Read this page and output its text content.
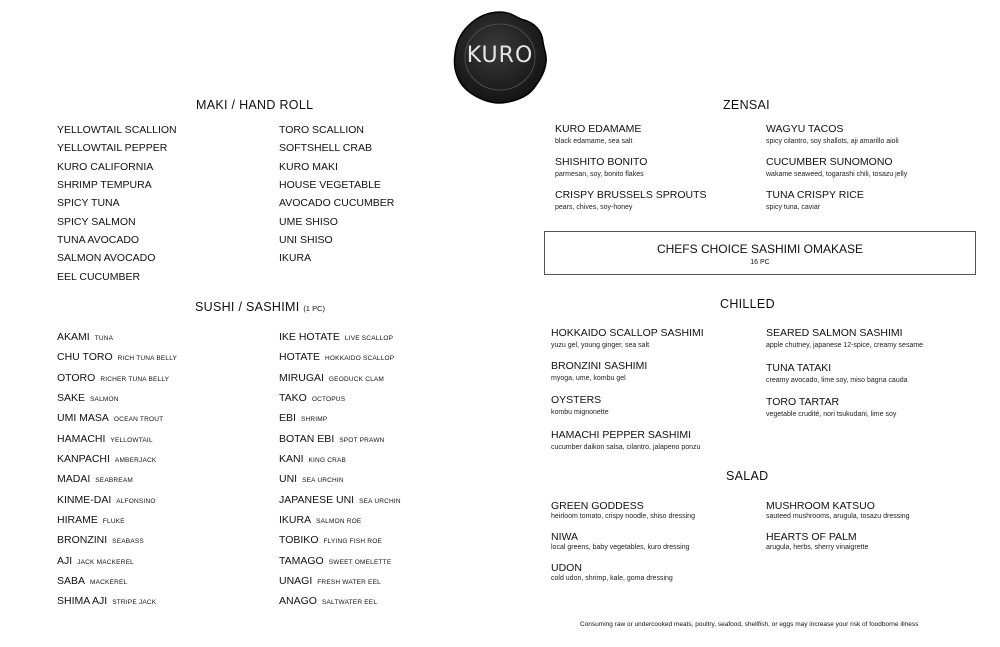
KURO
MAKI / HAND ROLL
YELLOWTAIL SCALLION
YELLOWTAIL PEPPER
KURO CALIFORNIA
SHRIMP TEMPURA
SPICY TUNA
SPICY SALMON
TUNA AVOCADO
SALMON AVOCADO
EEL CUCUMBER
TORO SCALLION
SOFTSHELL CRAB
KURO MAKI
HOUSE VEGETABLE
AVOCADO CUCUMBER
UME SHISO
UNI SHISO
IKURA
SUSHI / SASHIMI (1 PC)
AKAMI TUNA
CHU TORO RICH TUNA BELLY
OTORO RICHER TUNA BELLY
SAKE SALMON
UMI MASA OCEAN TROUT
HAMACHI YELLOWTAIL
KANPACHI AMBERJACK
MADAI SEABREAM
KINME-DAI ALFONSINO
HIRAME FLUKE
BRONZINI SEABASS
AJI JACK MACKEREL
SABA MACKEREL
SHIMA AJI STRIPE JACK
IKE HOTATE LIVE SCALLOP
HOTATE HOKKAIDO SCALLOP
MIRUGAI GEODUCK CLAM
TAKO OCTOPUS
EBI SHRIMP
BOTAN EBI SPOT PRAWN
KANI KING CRAB
UNI SEA URCHIN
JAPANESE UNI SEA URCHIN
IKURA SALMON ROE
TOBIKO FLYING FISH ROE
TAMAGO SWEET OMELETTE
UNAGI FRESH WATER EEL
ANAGO SALTWATER EEL
ZENSAI
KURO EDAMAME
black edamame, sea salt
SHISHITO BONITO
parmesan, soy, bonito flakes
CRISPY BRUSSELS SPROUTS
pears, chives, soy-honey
WAGYU TACOS
spicy cilantro, soy shallots, aji amarillo aioli
CUCUMBER SUNOMONO
wakame seaweed, togarashi chili, tosazu jelly
TUNA CRISPY RICE
spicy tuna, caviar
CHEFS CHOICE SASHIMI OMAKASE
16 PC
CHILLED
HOKKAIDO SCALLOP SASHIMI
yuzu gel, young ginger, sea salt
BRONZINI SASHIMI
myoga, ume, kombu gel
OYSTERS
kombu mignonette
HAMACHI PEPPER SASHIMI
cucumber daikon salsa, cilantro, jalapeno ponzu
SEARED SALMON SASHIMI
apple chutney, japanese 12-spice, creamy sesame
TUNA TATAKI
creamy avocado, lime soy, miso bagna cauda
TORO TARTAR
vegetable crudité, nori tsukudani, lime soy
SALAD
GREEN GODDESS
heirloom tomato, crispy noodle, shiso dressing
NIWA
local greens, baby vegetables, kuro dressing
UDON
cold udon, shrimp, kale, goma dressing
MUSHROOM KATSUO
sauteed mushrooms, arugula, tosazu dressing
HEARTS OF PALM
arugula, herbs, sherry vinaigrette
Consuming raw or undercooked meats, poultry, seafood, shellfish, or eggs may increase your risk of foodborne illness
